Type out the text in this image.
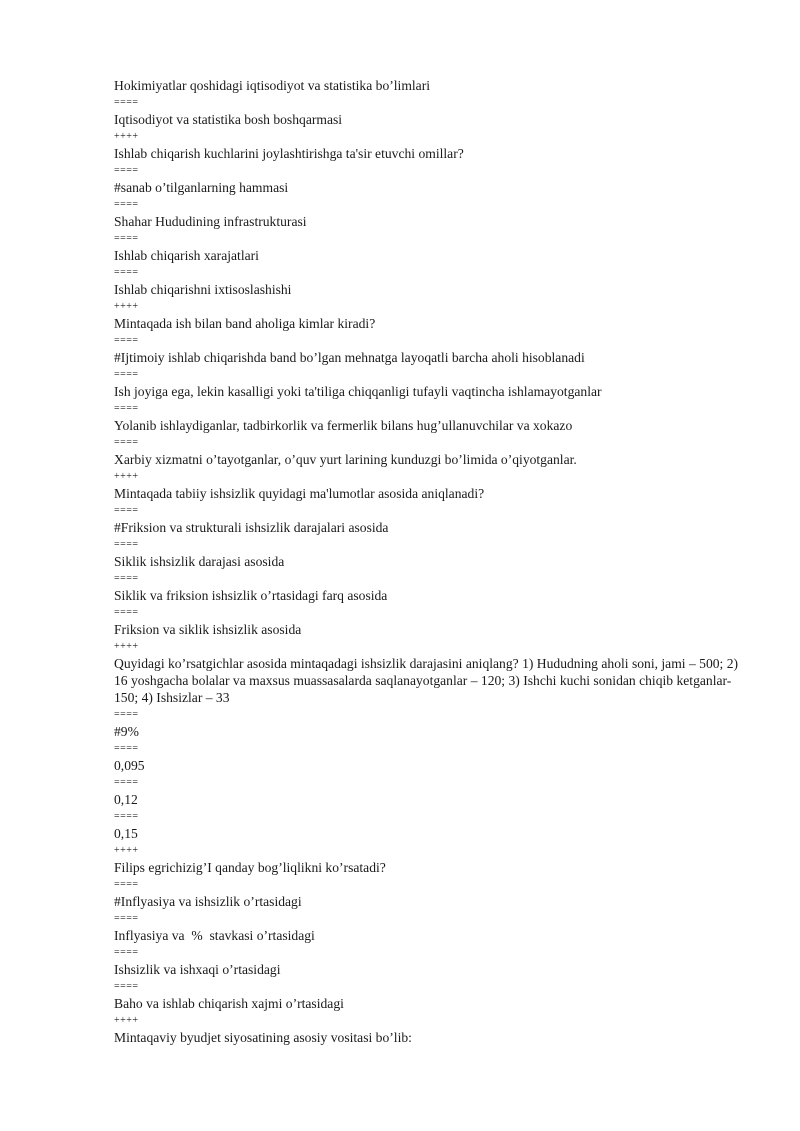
Hokimiyatlar qoshidagi iqtisodiyot va statistika bo’limlari
====
Iqtisodiyot va statistika bosh boshqarmasi
++++
Ishlab chiqarish kuchlarini joylashtirishga ta'sir etuvchi omillar?
====
#sanab o’tilganlarning hammasi
====
Shahar Hududining infrastrukturasi
====
Ishlab chiqarish xarajatlari
====
Ishlab chiqarishni ixtisoslashishi
++++
Mintaqada ish bilan band aholiga kimlar kiradi?
====
#Ijtimoiy ishlab chiqarishda band bo’lgan mehnatga layoqatli barcha aholi hisoblanadi
====
Ish joyiga ega, lekin kasalligi yoki ta'tiliga chiqqanligi tufayli vaqtincha ishlamayotganlar
====
Yolanib ishlaydiganlar, tadbirkorlik va fermerlik bilans hug’ullanuvchilar va xokazo
====
Xarbiy xizmatni o’tayotganlar, o’quv yurt larining kunduzgi bo’limida o’qiyotganlar.
++++
Mintaqada tabiiy ishsizlik quyidagi ma'lumotlar asosida aniqlanadi?
====
#Friksion va strukturali ishsizlik darajalari asosida
====
Siklik ishsizlik darajasi asosida
====
Siklik va friksion ishsizlik o’rtasidagi farq asosida
====
Friksion va siklik ishsizlik asosida
++++
Quyidagi ko’rsatgichlar asosida mintaqadagi ishsizlik darajasini aniqlang? 1) Hududning aholi soni, jami – 500; 2) 16 yoshgacha bolalar va maxsus muassasalarda saqlanayotganlar – 120; 3) Ishchi kuchi sonidan chiqib ketganlar-150; 4) Ishsizlar – 33
====
#9%
====
0,095
====
0,12
====
0,15
++++
Filips egrichizig’I qanday bog’liqlikni ko’rsatadi?
====
#Inflyasiya va ishsizlik o’rtasidagi
====
Inflyasiya va  %  stavkasi o’rtasidagi
====
Ishsizlik va ishxaqi o’rtasidagi
====
Baho va ishlab chiqarish xajmi o’rtasidagi
++++
Mintaqaviy byudjet siyosatining asosiy vositasi bo’lib:
